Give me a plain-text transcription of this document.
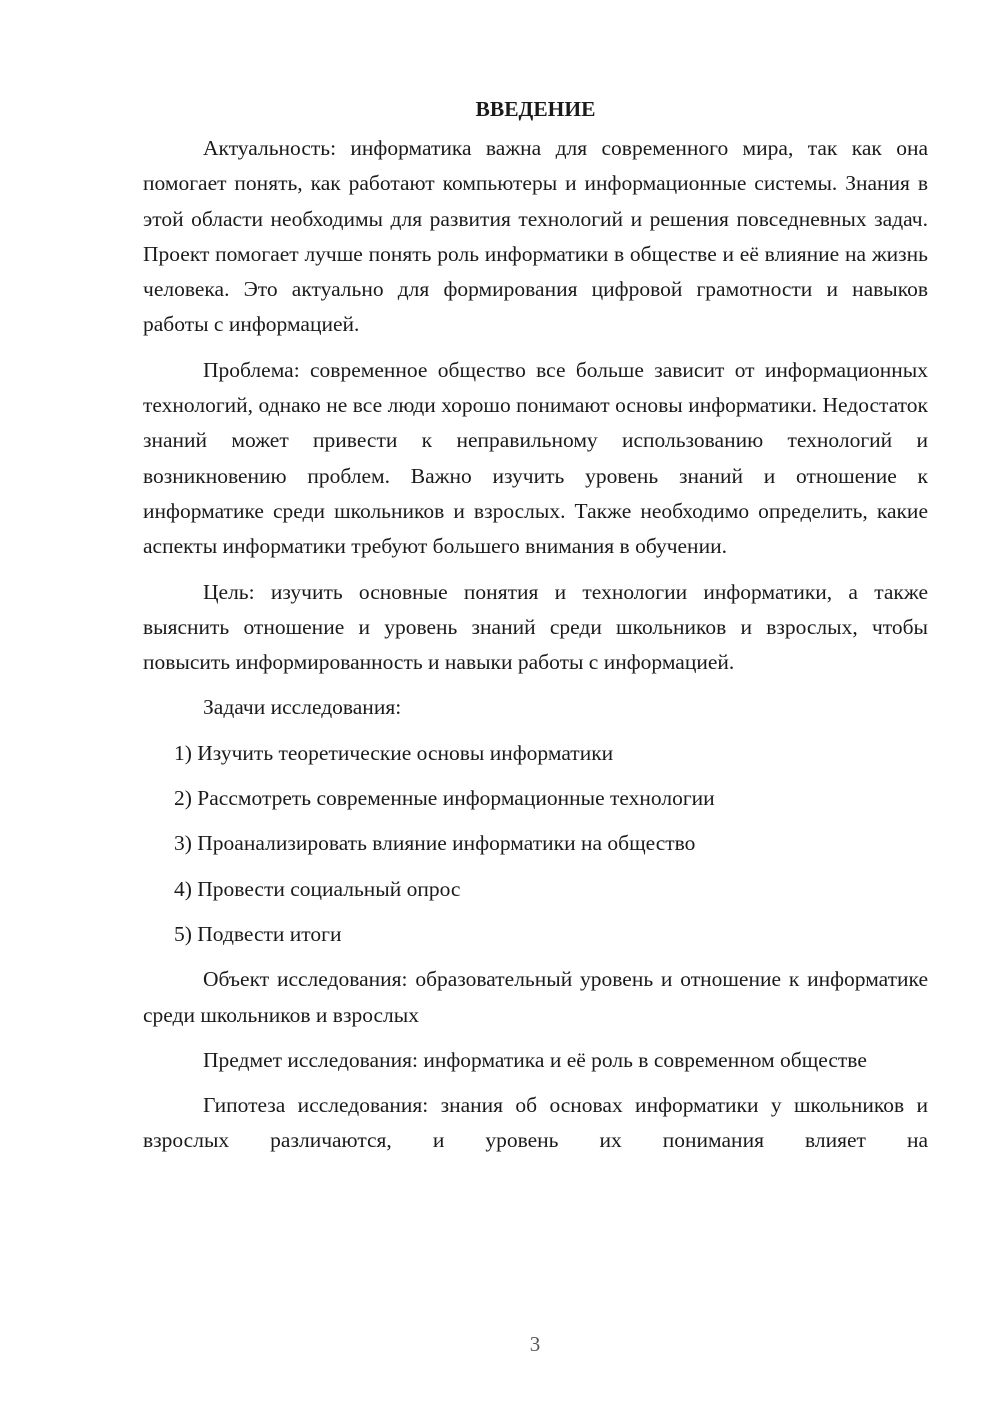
ВВЕДЕНИЕ

Актуальность: информатика важна для современного мира, так как она помогает понять, как работают компьютеры и информационные системы. Знания в этой области необходимы для развития технологий и решения повседневных задач. Проект помогает лучше понять роль информатики в обществе и её влияние на жизнь человека. Это актуально для формирования цифровой грамотности и навыков работы с информацией.

Проблема: современное общество все больше зависит от информационных технологий, однако не все люди хорошо понимают основы информатики. Недостаток знаний может привести к неправильному использованию технологий и возникновению проблем. Важно изучить уровень знаний и отношение к информатике среди школьников и взрослых. Также необходимо определить, какие аспекты информатики требуют большего внимания в обучении.

Цель: изучить основные понятия и технологии информатики, а также выяснить отношение и уровень знаний среди школьников и взрослых, чтобы повысить информированность и навыки работы с информацией.

Задачи исследования:

1) Изучить теоретические основы информатики
2) Рассмотреть современные информационные технологии
3) Проанализировать влияние информатики на общество
4) Провести социальный опрос
5) Подвести итоги

Объект исследования: образовательный уровень и отношение к информатике среди школьников и взрослых

Предмет исследования: информатика и её роль в современном обществе

Гипотеза исследования: знания об основах информатики у школьников и взрослых различаются, и уровень их понимания влияет на

3
